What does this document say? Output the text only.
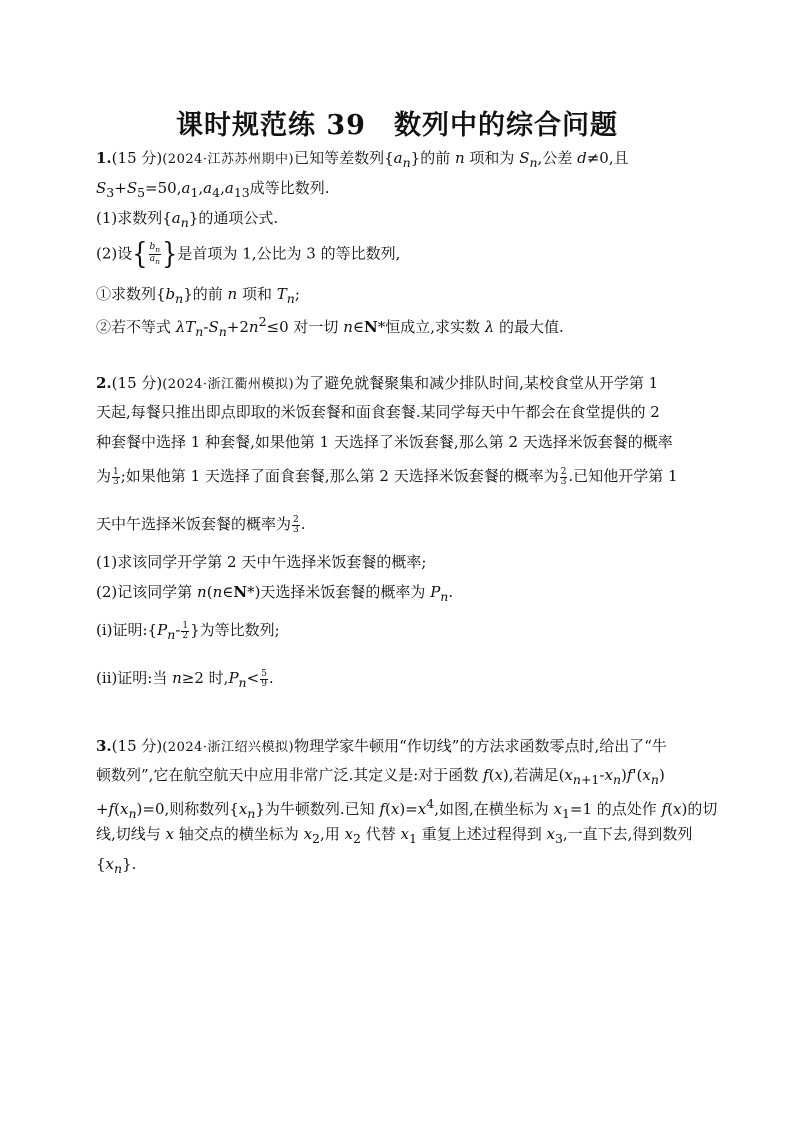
课时规范练 39　数列中的综合问题
1.(15 分)(2024·江苏苏州期中)已知等差数列$\{a_n\}$的前 n 项和为 $S_n$,公差 d≠0,且
$S_3+S_5=50,a_1,a_4,a_{13}$成等比数列.
(1)求数列$\{a_n\}$的通项公式.
(2)设{ $\frac{b_n}{a_n}$ }是首项为 1,公比为 3 的等比数列,
①求数列$\{b_n\}$的前 n 项和 $T_n$;
②若不等式 $\lambda T_n-S_n+2n^2\le 0$ 对一切 n∈N*恒成立,求实数 λ 的最大值.
2.(15 分)(2024·浙江衢州模拟)为了避免就餐聚集和减少排队时间,某校食堂从开学第 1
天起,每餐只推出即点即取的米饭套餐和面食套餐.某同学每天中午都会在食堂提供的 2
种套餐中选择 1 种套餐,如果他第 1 天选择了米饭套餐,那么第 2 天选择米饭套餐的概率
为 $\frac{1}{3}$ ;如果他第 1 天选择了面食套餐,那么第 2 天选择米饭套餐的概率为 $\frac{2}{3}$ .已知他开学第 1
天中午选择米饭套餐的概率为 $\frac{2}{3}$ .
(1)求该同学开学第 2 天中午选择米饭套餐的概率;
(2)记该同学第 n(n∈N*)天选择米饭套餐的概率为 $P_n$.
(ⅰ)证明$:\{P_n- \frac{1}{2}$ }为等比数列;
(ⅱ)证明:当 n≥2 时$,P_n< \frac{5}{9}$ .
3.(15 分)(2024·浙江绍兴模拟)物理学家牛顿用“作切线”的方法求函数零点时,给出了“牛
顿数列”,它在航空航天中应用非常广泛.其定义是:对于函数 f(x),若满足$(x_{n+1}-x_n)f'(x_n)$
$+f(x_n)=0$,则称数列$\{x_n\}$为牛顿数列.已知 $f(x)=x^4$,如图,在横坐标为 $x_1=1$ 的点处作 f(x)的切
线,切线与 x 轴交点的横坐标为 $x_2$,用 $x_2$ 代替 $x_1$ 重复上述过程得到 $x_3$,一直下去,得到数列
$\{x_n\}$.
